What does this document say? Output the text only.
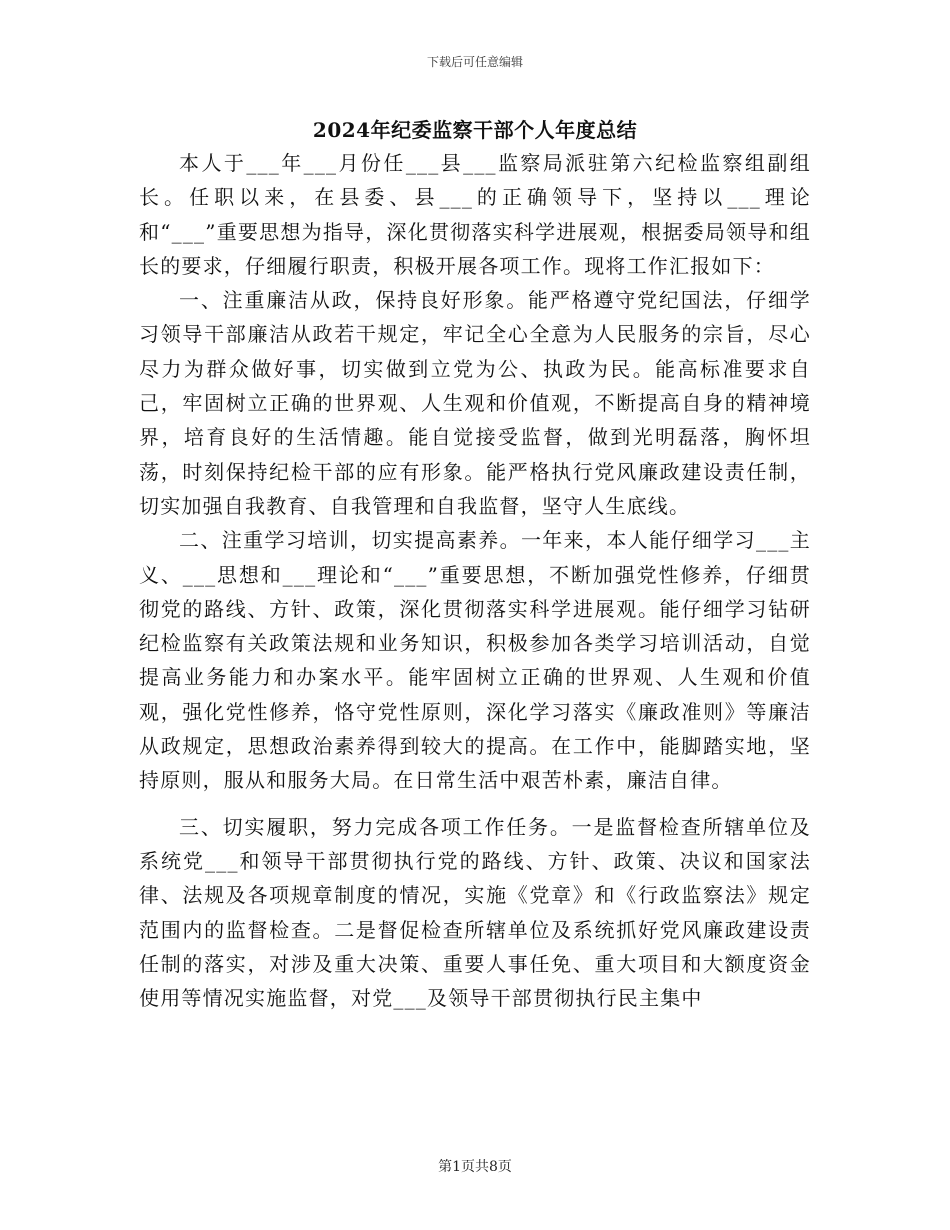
下载后可任意编辑
2024年纪委监察干部个人年度总结

本人于___年___月份任___县___监察局派驻第六纪检监察组副组长。任职以来，在县委、县___的正确领导下，坚持以___理论和“___”重要思想为指导，深化贯彻落实科学进展观，根据委局领导和组长的要求，仔细履行职责，积极开展各项工作。现将工作汇报如下：

一、注重廉洁从政，保持良好形象。能严格遵守党纪国法，仔细学习领导干部廉洁从政若干规定，牢记全心全意为人民服务的宗旨，尽心尽力为群众做好事，切实做到立党为公、执政为民。能高标准要求自己，牢固树立正确的世界观、人生观和价值观，不断提高自身的精神境界，培育良好的生活情趣。能自觉接受监督，做到光明磊落，胸怀坦荡，时刻保持纪检干部的应有形象。能严格执行党风廉政建设责任制，切实加强自我教育、自我管理和自我监督，坚守人生底线。

二、注重学习培训，切实提高素养。一年来，本人能仔细学习___主义、___思想和___理论和“___”重要思想，不断加强党性修养，仔细贯彻党的路线、方针、政策，深化贯彻落实科学进展观。能仔细学习钻研纪检监察有关政策法规和业务知识，积极参加各类学习培训活动，自觉提高业务能力和办案水平。能牢固树立正确的世界观、人生观和价值观，强化党性修养，恪守党性原则，深化学习落实《廉政准则》等廉洁从政规定，思想政治素养得到较大的提高。在工作中，能脚踏实地，坚持原则，服从和服务大局。在日常生活中艰苦朴素，廉洁自律。

三、切实履职，努力完成各项工作任务。一是监督检查所辖单位及系统党___和领导干部贯彻执行党的路线、方针、政策、决议和国家法律、法规及各项规章制度的情况，实施《党章》和《行政监察法》规定范围内的监督检查。二是督促检查所辖单位及系统抓好党风廉政建设责任制的落实，对涉及重大决策、重要人事任免、重大项目和大额度资金使用等情况实施监督，对党___及领导干部贯彻执行民主集中

第1页共8页
